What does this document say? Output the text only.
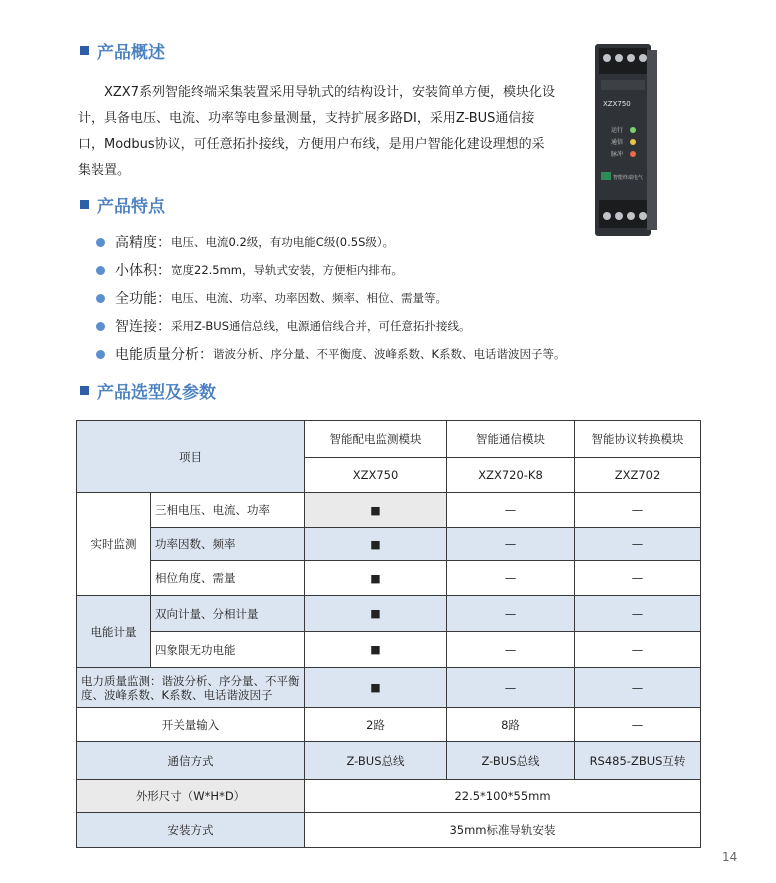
产品概述

XZX7系列智能终端采集装置采用导轨式的结构设计，安装简单方便，模块化设计，具备电压、电流、功率等电参量测量，支持扩展多路DI，采用Z-BUS通信接口，Modbus协议，可任意拓扑接线，方便用户布线，是用户智能化建设理想的采集装置。

XZX750
运行
通信
脉冲
智能终端电气
产品特点
高精度： 电压、电流0.2级，有功电能C级(0.5S级）。
小体积： 宽度22.5mm，导轨式安装，方便柜内排布。
全功能： 电压、电流、功率、功率因数、频率、相位、需量等。
智连接： 采用Z-BUS通信总线，电源通信线合并，可任意拓扑接线。
电能质量分析： 谐波分析、序分量、不平衡度、波峰系数、K系数、电话谐波因子等。
产品选型及参数
项目		智能配电监测模块	智能通信模块	智能协议转换模块
		XZX750	XZX720-K8	ZXZ702
实时监测	三相电压、电流、功率	■	—	—
	功率因数、频率	■	—	—
	相位角度、需量	■	—	—
电能计量	双向计量、分相计量	■	—	—
	四象限无功电能	■	—	—
电力质量监测：谐波分析、序分量、不平衡度、波峰系数、K系数、电话谐波因子		■	—	—
开关量输入		2路	8路	—
通信方式		Z-BUS总线	Z-BUS总线	RS485-ZBUS互转
外形尺寸（W*H*D）		22.5*100*55mm		
安装方式		35mm标准导轨安装		
14
